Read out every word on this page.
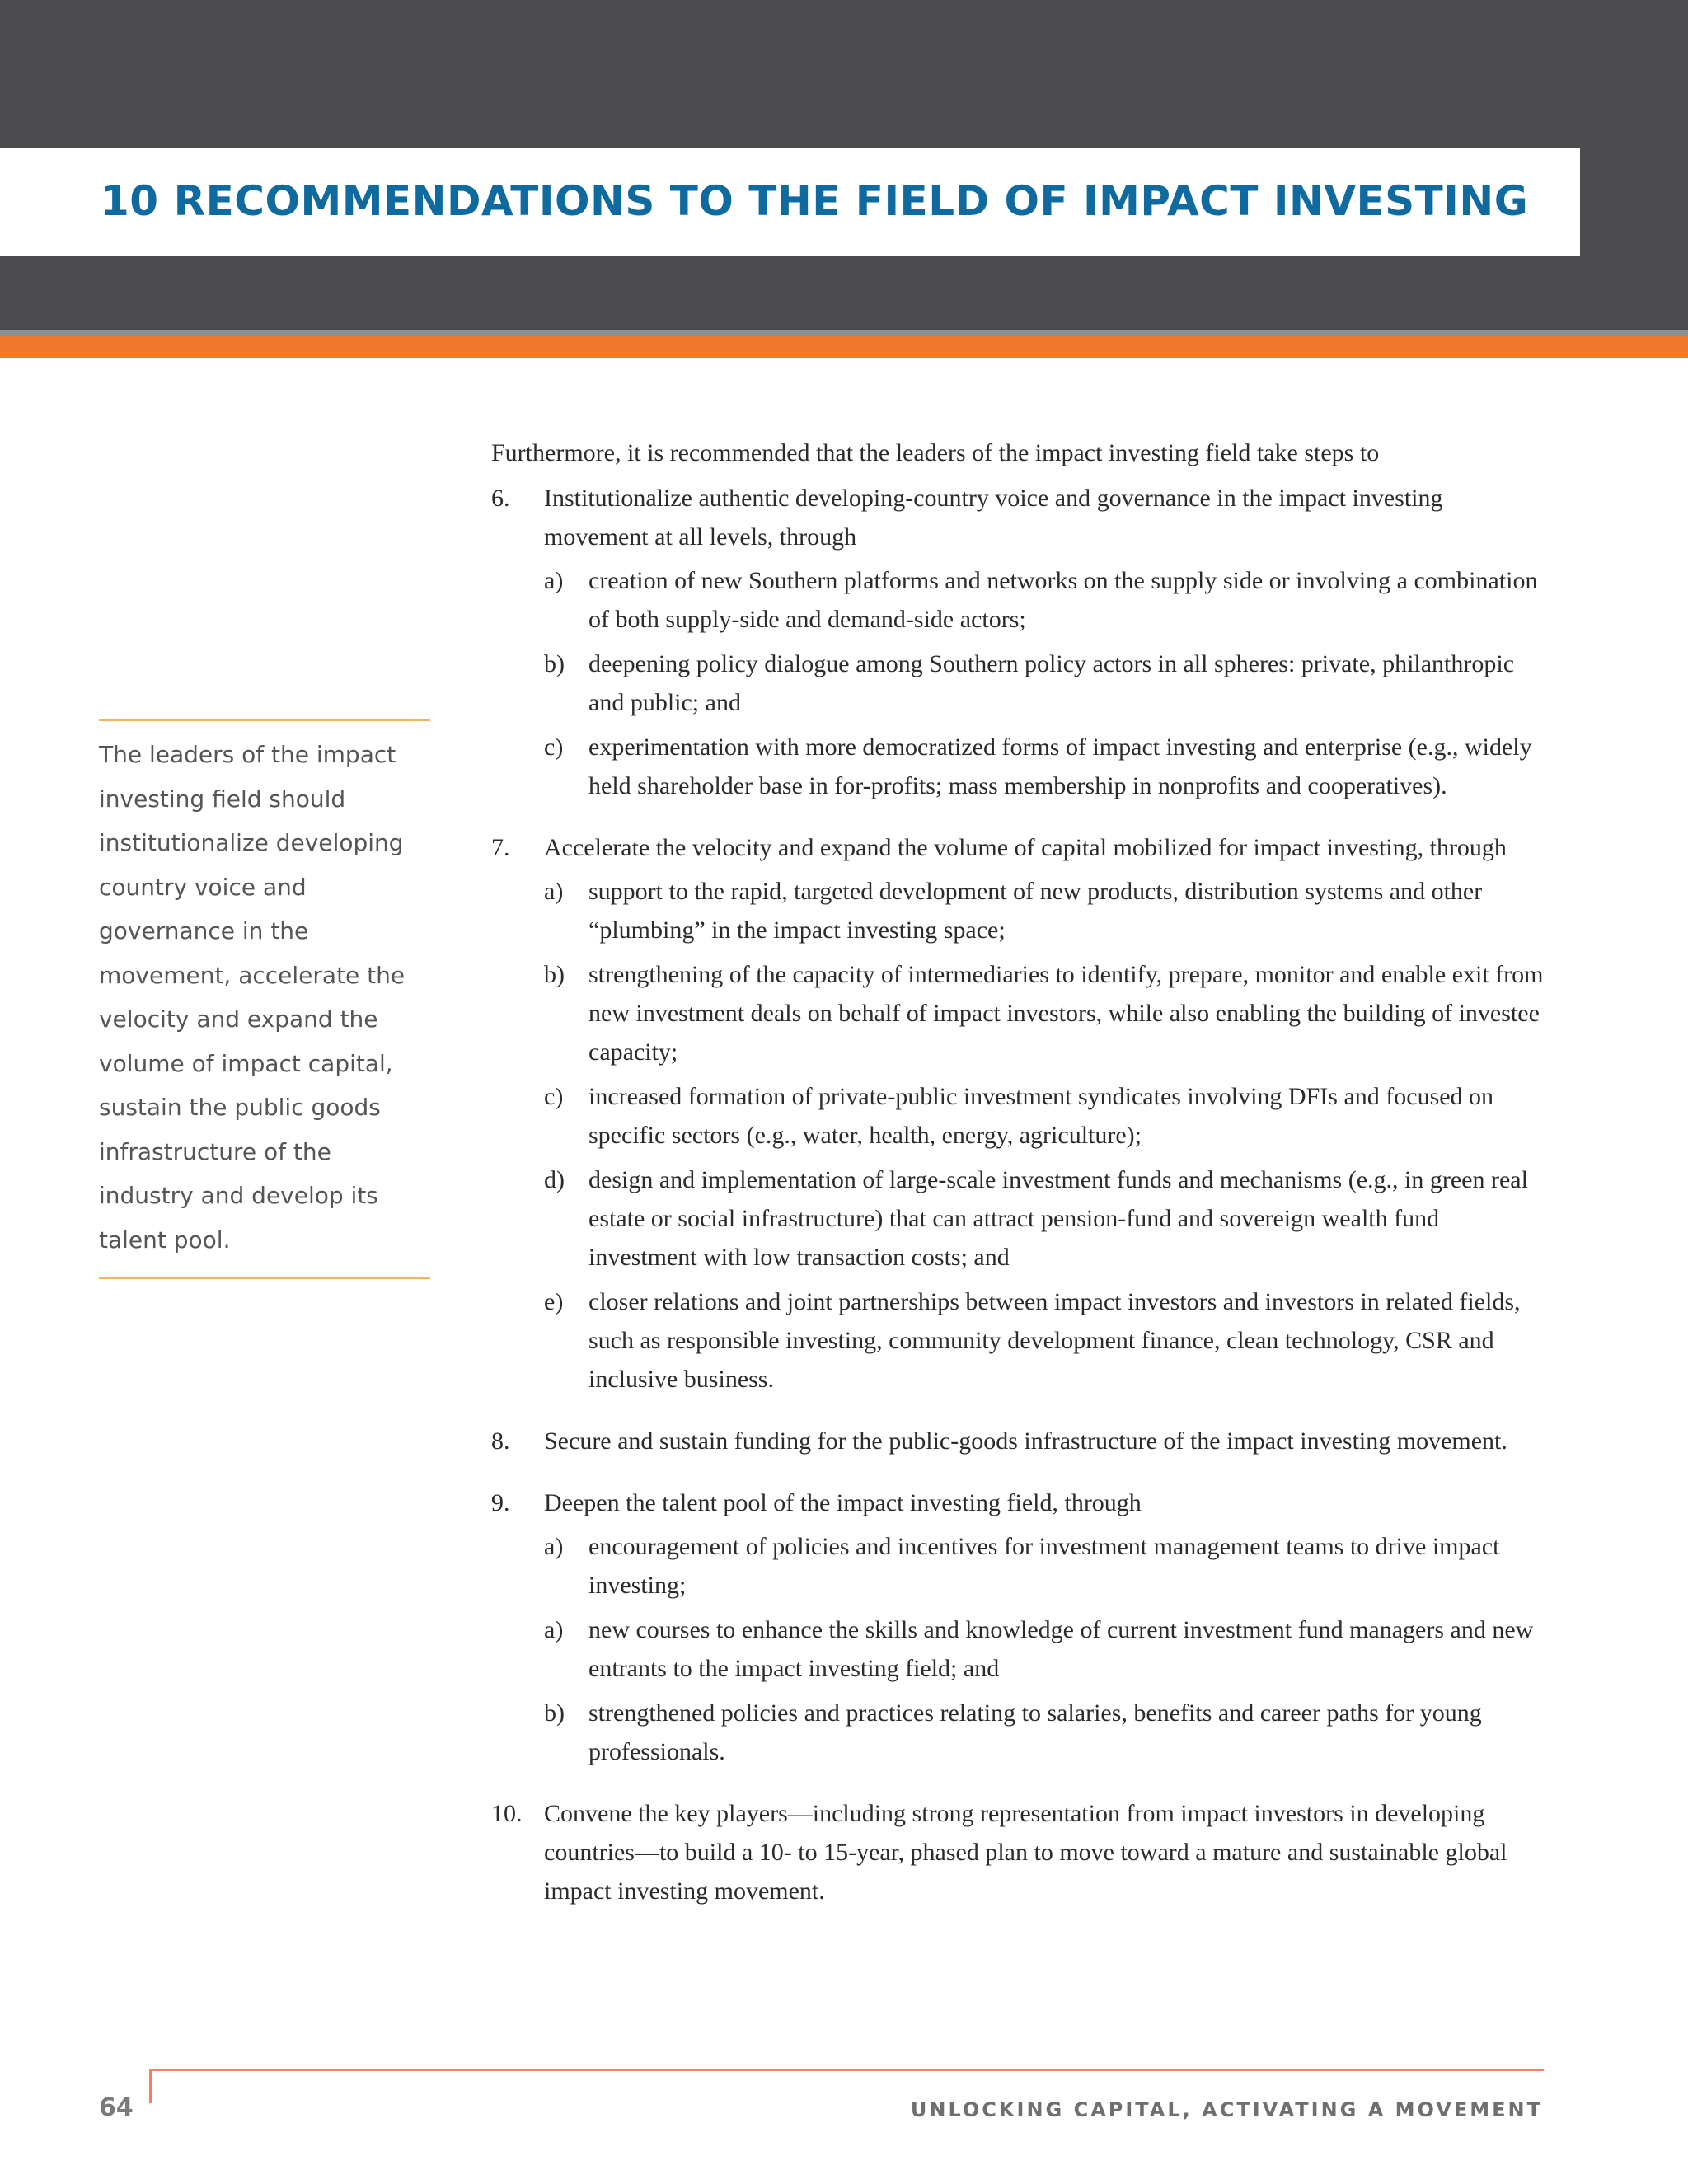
10 RECOMMENDATIONS TO THE FIELD OF IMPACT INVESTING

The leaders of the impact investing field should institutionalize developing country voice and governance in the movement, accelerate the velocity and expand the volume of impact capital, sustain the public goods infrastructure of the industry and develop its talent pool.

Furthermore, it is recommended that the leaders of the impact investing field take steps to

6. Institutionalize authentic developing-country voice and governance in the impact investing movement at all levels, through
a) creation of new Southern platforms and networks on the supply side or involving a combination of both supply-side and demand-side actors;
b) deepening policy dialogue among Southern policy actors in all spheres: private, philanthropic and public; and
c) experimentation with more democratized forms of impact investing and enterprise (e.g., widely held shareholder base in for-profits; mass membership in nonprofits and cooperatives).
7. Accelerate the velocity and expand the volume of capital mobilized for impact investing, through
a) support to the rapid, targeted development of new products, distribution systems and other “plumbing” in the impact investing space;
b) strengthening of the capacity of intermediaries to identify, prepare, monitor and enable exit from new investment deals on behalf of impact investors, while also enabling the building of investee capacity;
c) increased formation of private-public investment syndicates involving DFIs and focused on specific sectors (e.g., water, health, energy, agriculture);
d) design and implementation of large-scale investment funds and mechanisms (e.g., in green real estate or social infrastructure) that can attract pension-fund and sovereign wealth fund investment with low transaction costs; and
e) closer relations and joint partnerships between impact investors and investors in related fields, such as responsible investing, community development finance, clean technology, CSR and inclusive business.
8. Secure and sustain funding for the public-goods infrastructure of the impact investing movement.
9. Deepen the talent pool of the impact investing field, through
a) encouragement of policies and incentives for investment management teams to drive impact investing;
a) new courses to enhance the skills and knowledge of current investment fund managers and new entrants to the impact investing field; and
b) strengthened policies and practices relating to salaries, benefits and career paths for young professionals.
10. Convene the key players—including strong representation from impact investors in developing countries—to build a 10- to 15-year, phased plan to move toward a mature and sustainable global impact investing movement.
64	UNLOCKING CAPITAL, ACTIVATING A MOVEMENT
